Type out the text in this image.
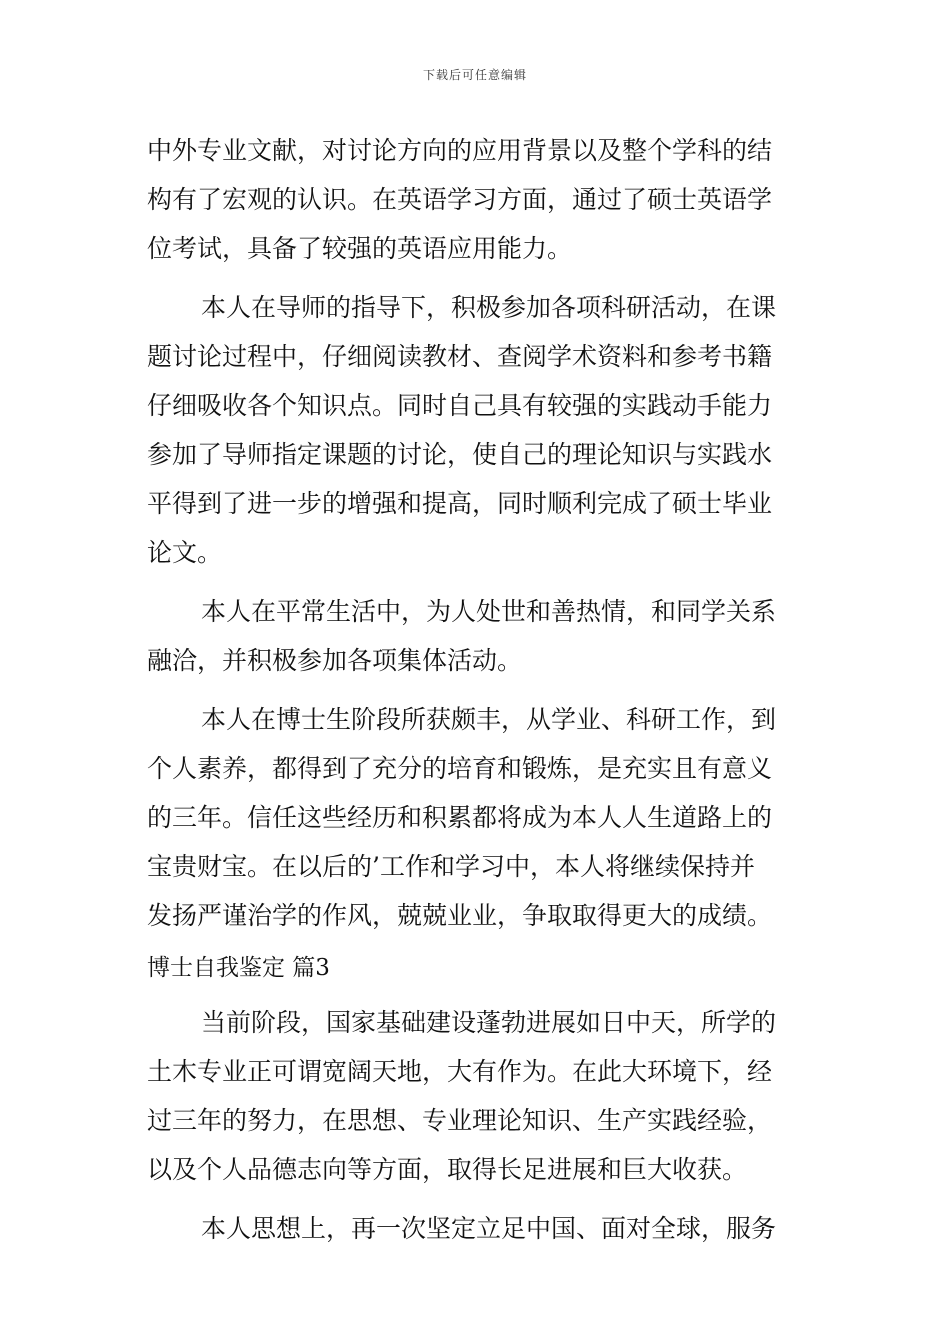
下载后可任意编辑
中外专业文献，对讨论方向的应用背景以及整个学科的结
构有了宏观的认识。在英语学习方面，通过了硕士英语学
位考试，具备了较强的英语应用能力。
本人在导师的指导下，积极参加各项科研活动，在课
题讨论过程中，仔细阅读教材、查阅学术资料和参考书籍
仔细吸收各个知识点。同时自己具有较强的实践动手能力
参加了导师指定课题的讨论，使自己的理论知识与实践水
平得到了进一步的增强和提高，同时顺利完成了硕士毕业
论文。
本人在平常生活中，为人处世和善热情，和同学关系
融洽，并积极参加各项集体活动。
本人在博士生阶段所获颇丰，从学业、科研工作，到
个人素养，都得到了充分的培育和锻炼，是充实且有意义
的三年。信任这些经历和积累都将成为本人人生道路上的
宝贵财宝。在以后的’工作和学习中，本人将继续保持并
发扬严谨治学的作风，兢兢业业，争取取得更大的成绩。
博士自我鉴定 篇3
当前阶段，国家基础建设蓬勃进展如日中天，所学的
土木专业正可谓宽阔天地，大有作为。在此大环境下，经
过三年的努力，在思想、专业理论知识、生产实践经验，
以及个人品德志向等方面，取得长足进展和巨大收获。
本人思想上，再一次坚定立足中国、面对全球，服务
